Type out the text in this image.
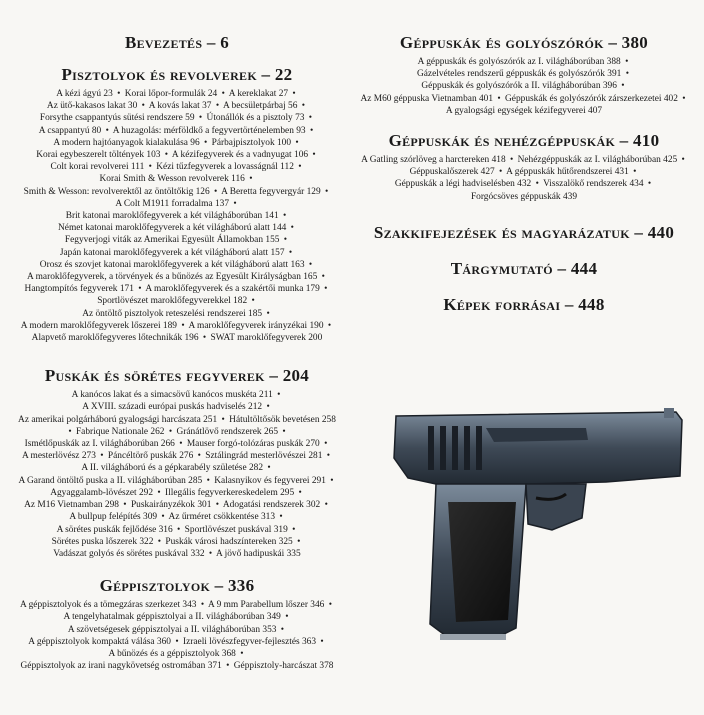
Bevezetés – 6
Pisztolyok és revolverek – 22
A kézi ágyú 23 • Korai lőpor-formulák 24 • A kereklakat 27 • Az ütő-kakasos lakat 30 • A kovás lakat 37 • A becsületpárbaj 56 • Forsythe csappantyús sütési rendszere 59 • Útonállók és a pisztoly 73 • A csappantyú 80 • A huzagolás: mérföldkő a fegyvertörténelemben 93 • A modern hajtóanyagok kialakulása 96 • Párbajpisztolyok 100 • Korai egybeszerelt töltények 103 • A kézifegyverek és a vadnyugat 106 • Colt korai revolverei 111 • Kézi tűzfegyverek a lovasságnál 112 • Korai Smith & Wesson revolverek 116 • Smith & Wesson: revolverektől az öntöltőkig 126 • A Beretta fegyvergyár 129 • A Colt M1911 forradalma 137 • Brit katonai maroklőfegyverek a két világháborúban 141 • Német katonai maroklőfegyverek a két világháború alatt 144 • Fegyverjogi viták az Amerikai Egyesült Államokban 155 • Japán katonai maroklőfegyverek a két világháború alatt 157 • Orosz és szovjet katonai maroklőfegyverek a két világháború alatt 163 • A maroklőfegyverek, a törvények és a bűnözés az Egyesült Királyságban 165 • Hangtompítós fegyverek 171 • A maroklőfegyverek és a szakértői munka 179 • Sportlövészet maroklőfegyverekkel 182 • Az öntöltő pisztolyok reteszelési rendszerei 185 • A modern maroklőfegyverek lőszerei 189 • A maroklőfegyverek irányzékai 190 • Alapvető maroklőfegyveres lőtechnikák 196 • SWAT maroklőfegyverek 200
Puskák és sörétes fegyverek – 204
A kanócos lakat és a simacsövű kanócos muskéta 211 • A XVIII. századi európai puskás hadviselés 212 • Az amerikai polgárháború gyalogsági harcászata 251 • Hátultöltősök bevetésen 258 • Fabrique Nationale 262 • Gránátlövő rendszerek 265 • Ismétlőpuskák az I. világháborúban 266 • Mauser forgó-tolózáras puskák 270 • A mesterlövész 273 • Páncéltörő puskák 276 • Sztálingrád mesterlövészei 281 • A II. világháború és a gépkarabély születése 282 • A Garand öntöltő puska a II. világháborúban 285 • Kalasnyikov és fegyverei 291 • Agyaggalamb-lövészet 292 • Illegális fegyverkereskedelem 295 • Az M16 Vietnamban 298 • Puskairányzékok 301 • Adogatási rendszerek 302 • A bullpup felépítés 309 • Az űrméret csökkentése 313 • A sörétes puskák fejlődése 316 • Sportlövészet puskával 319 • Sörétes puska lőszerek 322 • Puskák városi hadszíntereken 325 • Vadászat golyós és sörétes puskával 332 • A jövő hadipuskái 335
Géppisztolyok – 336
A géppisztolyok és a tömegzáras szerkezet 343 • A 9 mm Parabellum lőszer 346 • A tengelyhatalmak géppisztolyai a II. világháborúban 349 • A szövetségesek géppisztolyai a II. világháborúban 353 • A géppisztolyok kompaktá válása 360 • Izraeli lövészfegyver-fejlesztés 363 • A bűnözés és a géppisztolyok 368 • Géppisztolyok az irani nagykövetség ostromában 371 • Géppisztoly-harcászat 378
Géppuskák és golyószórók – 380
A géppuskák és golyószórók az I. világháborúban 388 • Gázelvételes rendszerű géppuskák és golyószórók 391 • Géppuskák és golyószórók a II. világháborúban 396 • Az M60 géppuska Vietnamban 401 • Géppuskák és golyószórók zárszerkezetei 402 • A gyalogsági egységek kézifegyverei 407
Géppuskák és nehézgéppuskák – 410
A Gatling szórlöveg a harctereken 418 • Nehézgéppuskák az I. világháborúban 425 • Géppuskalőszerek 427 • A géppuskák hűtőrendszerei 431 • Géppuskák a légi hadviselésben 432 • Visszalökő rendszerek 434 • Forgócsöves géppuskák 439
Szakkifejezések és magyarázatuk – 440
Tárgymutató – 444
Képek forrásai – 448
